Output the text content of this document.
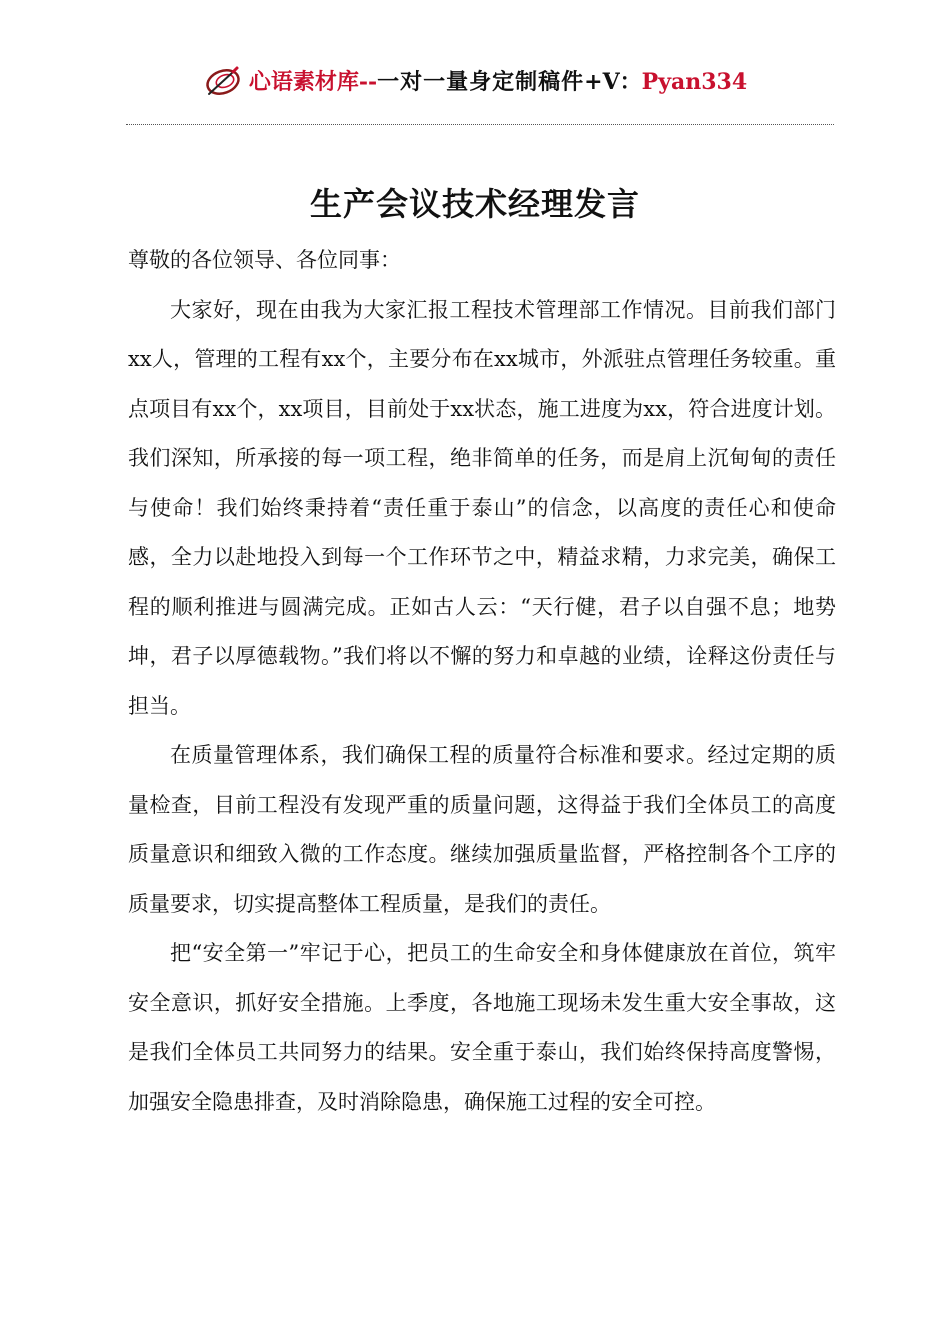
心语素材库--一对一量身定制稿件+V：Pyan334
生产会议技术经理发言

尊敬的各位领导、各位同事：

大家好，现在由我为大家汇报工程技术管理部工作情况。目前我们部门xx人，管理的工程有xx个，主要分布在xx城市，外派驻点管理任务较重。重点项目有xx个，xx项目，目前处于xx状态，施工进度为xx，符合进度计划。我们深知，所承接的每一项工程，绝非简单的任务，而是肩上沉甸甸的责任与使命！我们始终秉持着“责任重于泰山”的信念，以高度的责任心和使命感，全力以赴地投入到每一个工作环节之中，精益求精，力求完美，确保工程的顺利推进与圆满完成。正如古人云：“天行健，君子以自强不息；地势坤，君子以厚德载物。”我们将以不懈的努力和卓越的业绩，诠释这份责任与担当。

在质量管理体系，我们确保工程的质量符合标准和要求。经过定期的质量检查，目前工程没有发现严重的质量问题，这得益于我们全体员工的高度质量意识和细致入微的工作态度。继续加强质量监督，严格控制各个工序的质量要求，切实提高整体工程质量，是我们的责任。

把“安全第一”牢记于心，把员工的生命安全和身体健康放在首位，筑牢安全意识，抓好安全措施。上季度，各地施工现场未发生重大安全事故，这是我们全体员工共同努力的结果。安全重于泰山，我们始终保持高度警惕，加强安全隐患排查，及时消除隐患，确保施工过程的安全可控。
